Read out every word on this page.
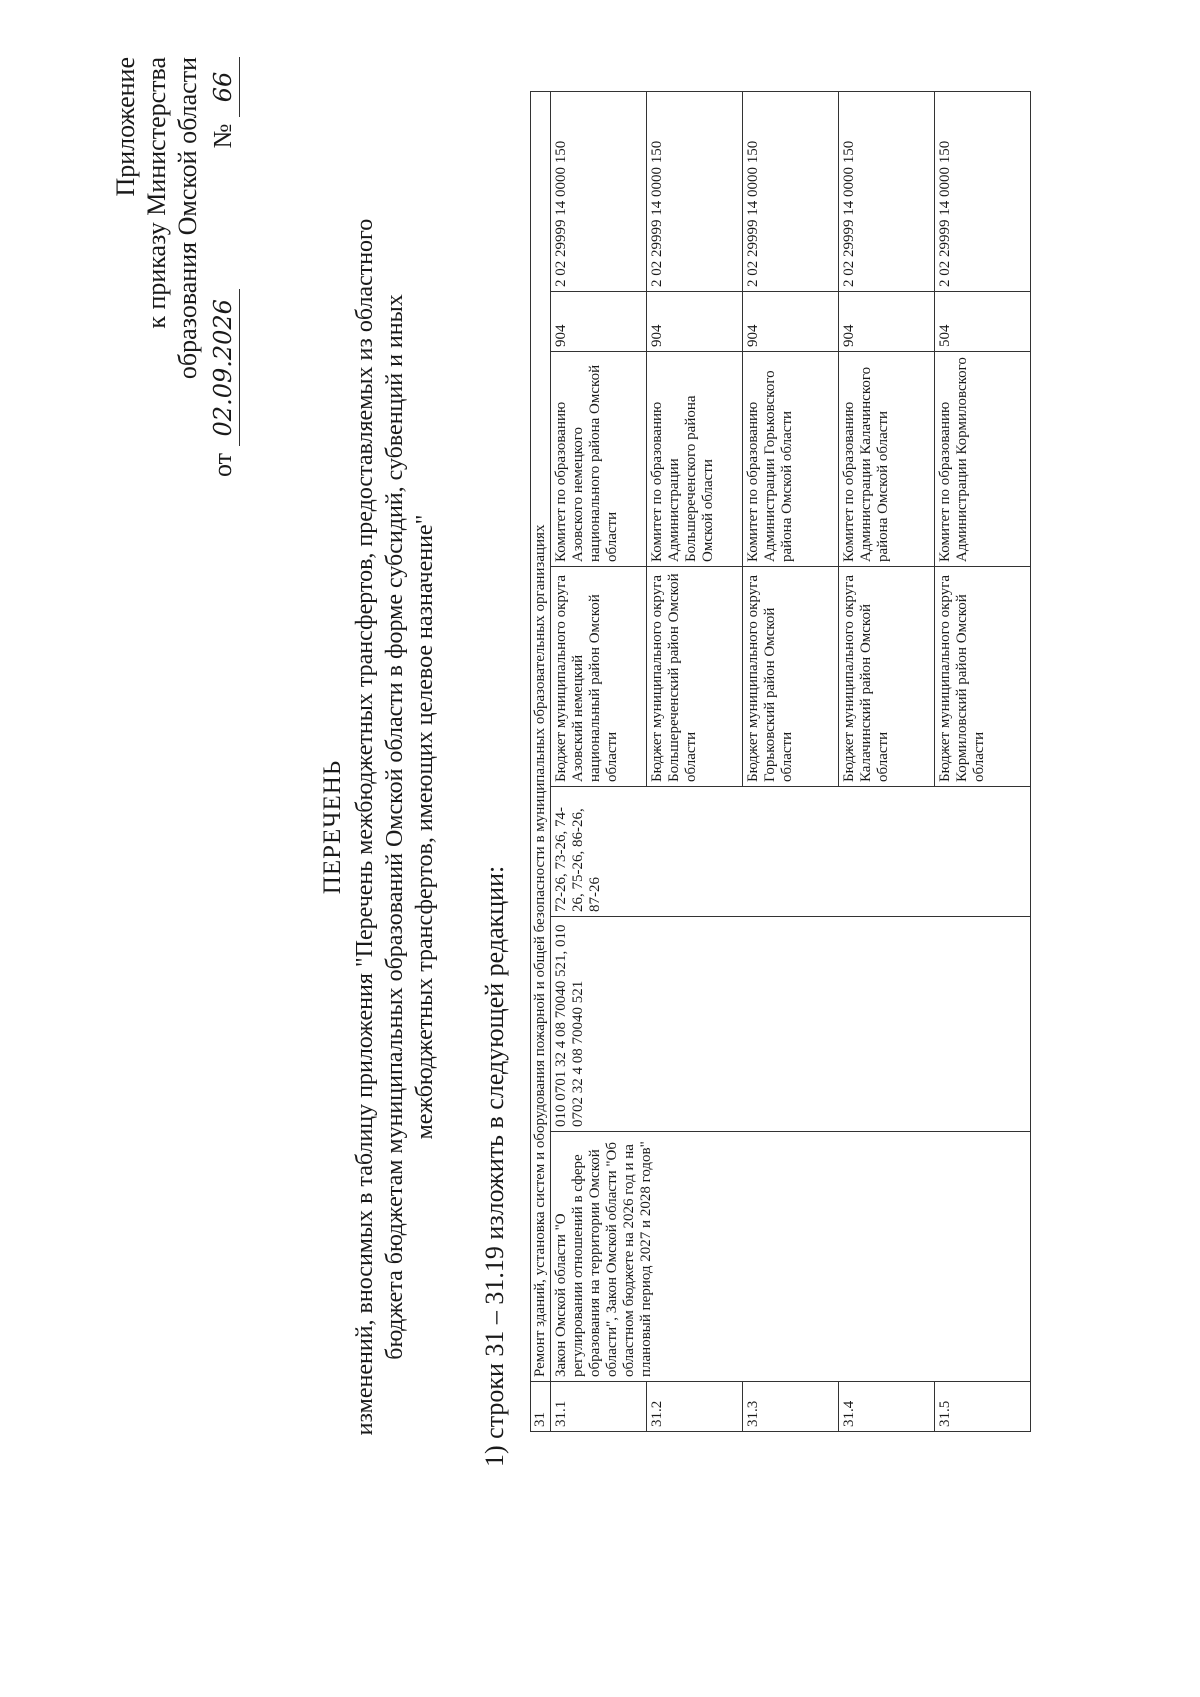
Приложение к приказу Министерства образования Омской области
от 02.09.2026
№ 66
ПЕРЕЧЕНЬ изменений, вносимых в таблицу приложения "Перечень межбюджетных трансфертов, предоставляемых из областного бюджета бюджетам муниципальных образований Омской области в форме субсидий, субвенций и иных межбюджетных трансфертов, имеющих целевое назначение"
1) строки 31 – 31.19 изложить в следующей редакции: 31	Ремонт зданий, установка систем и оборудования пожарной и общей безопасности в муниципальных образовательных организациях						
31.1	Закон Омской области "О регулировании отношений в сфере образования на территории Омской области", Закон Омской области "Об областном бюджете на 2026 год и на плановый период 2027 и 2028 годов"	010 0701 32 4 08 70040 521, 010 0702 32 4 08 70040 521	72-26, 73-26, 74-26, 75-26, 86-26, 87-26	Бюджет муниципального округа Азовский немецкий национальный район Омской области	Комитет по образованию Азовского немецкого национального района Омской области	904	2 02 29999 14 0000 150
31.2				Бюджет муниципального округа Большереченский район Омской области	Комитет по образованию Администрации Большереченского района Омской области	904	2 02 29999 14 0000 150
31.3				Бюджет муниципального округа Горьковский район Омской области	Комитет по образованию Администрации Горьковского района Омской области	904	2 02 29999 14 0000 150
31.4				Бюджет муниципального округа Калачинский район Омской области	Комитет по образованию Администрации Калачинского района Омской области	904	2 02 29999 14 0000 150
31.5				Бюджет муниципального округа Кормиловский район Омской области	Комитет по образованию Администрации Кормиловского	504	2 02 29999 14 0000 150
